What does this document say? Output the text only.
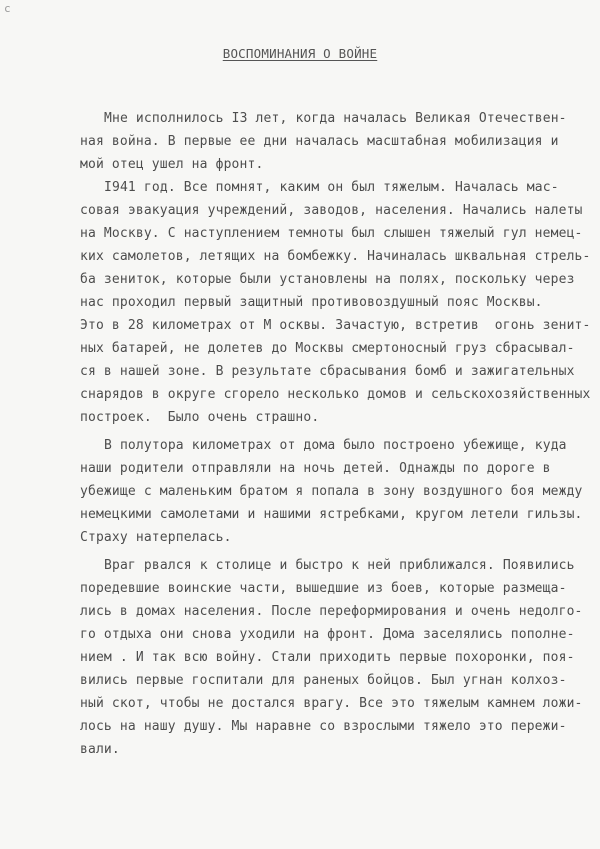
c
ВОСПОМИНАНИЯ О ВОЙНЕ
Мне исполнилось I3 лет, когда началась Великая Отечествен-
ная война. В первые ее дни началась масштабная мобилизация и
мой отец ушел на фронт.
I941 год. Все помнят, каким он был тяжелым. Началась мас-
совая эвакуация учреждений, заводов, населения. Начались налеты
на Москву. С наступлением темноты был слышен тяжелый гул немец-
ких самолетов, летящих на бомбежку. Начиналась шквальная стрель-
ба зениток, которые были установлены на полях, поскольку через
нас проходил первый защитный противовоздушный пояс Москвы.
Это в 28 километрах от М осквы. Зачастую, встретив  огонь зенит-
ных батарей, не долетев до Москвы смертоносный груз сбрасывал-
ся в нашей зоне. В результате сбрасывания бомб и зажигательных
снарядов в округе сгорело несколько домов и сельскохозяйственных
построек.  Было очень страшно.
В полутора километрах от дома было построено убежище, куда
наши родители отправляли на ночь детей. Однажды по дороге в
убежище с маленьким братом я попала в зону воздушного боя между
немецкими самолетами и нашими ястребками, кругом летели гильзы.
Страху натерпелась.
Враг рвался к столице и быстро к ней приближался. Появились
поредевшие воинские части, вышедшие из боев, которые размеща-
лись в домах населения. После переформирования и очень недолго-
го отдыха они снова уходили на фронт. Дома заселялись пополне-
нием . И так всю войну. Стали приходить первые похоронки, поя-
вились первые госпитали для раненых бойцов. Был угнан колхоз-
ный скот, чтобы не достался врагу. Все это тяжелым камнем ложи-
лось на нашу душу. Мы наравне со взрослыми тяжело это пережи-
вали.
